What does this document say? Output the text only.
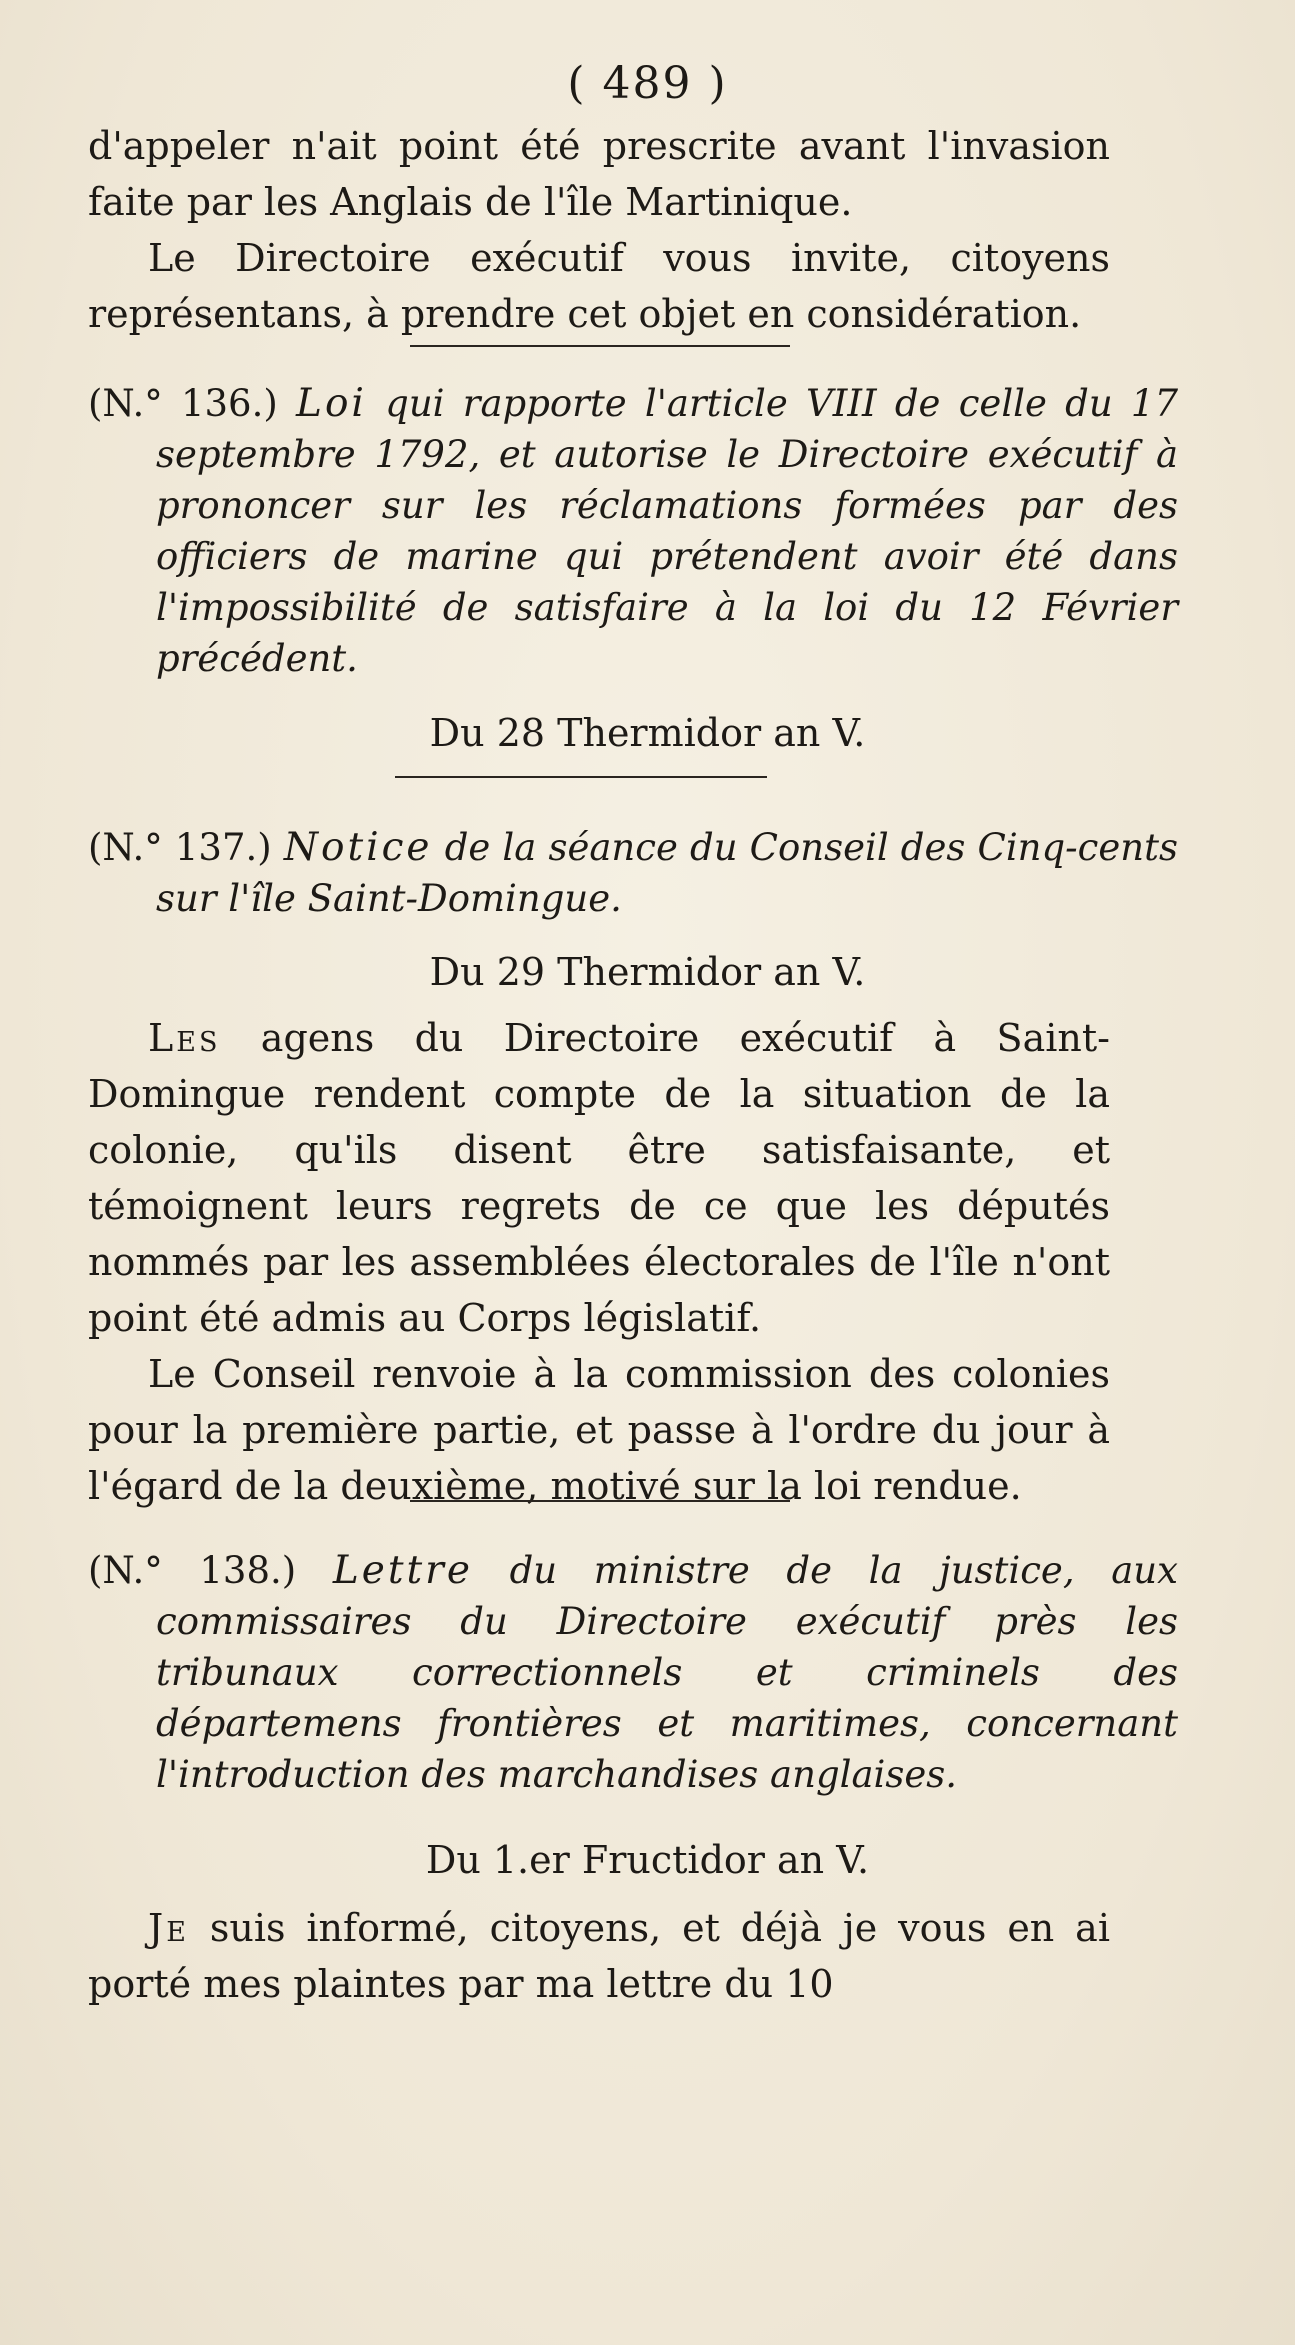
( 489 )

d'appeler n'ait point été prescrite avant l'invasion faite par les Anglais de l'île Martinique.

Le Directoire exécutif vous invite, citoyens représentans, à prendre cet objet en considération.

(N.° 136.) Loi qui rapporte l'article VIII de celle du 17 septembre 1792, et autorise le Directoire exécutif à prononcer sur les réclamations formées par des officiers de marine qui prétendent avoir été dans l'impossibilité de satisfaire à la loi du 12 Février précédent.
Du 28 Thermidor an V.
(N.° 137.) Notice de la séance du Conseil des Cinq-cents sur l'île Saint-Domingue.
Du 29 Thermidor an V.

Les agens du Directoire exécutif à Saint-Domingue rendent compte de la situation de la colonie, qu'ils disent être satisfaisante, et témoignent leurs regrets de ce que les députés nommés par les assemblées électorales de l'île n'ont point été admis au Corps législatif.

Le Conseil renvoie à la commission des colonies pour la première partie, et passe à l'ordre du jour à l'égard de la deuxième, motivé sur la loi rendue.

(N.° 138.) Lettre du ministre de la justice, aux commissaires du Directoire exécutif près les tribunaux correctionnels et criminels des départemens frontières et maritimes, concernant l'introduction des marchandises anglaises.
Du 1.er Fructidor an V.

Je suis informé, citoyens, et déjà je vous en ai porté mes plaintes par ma lettre du 10
